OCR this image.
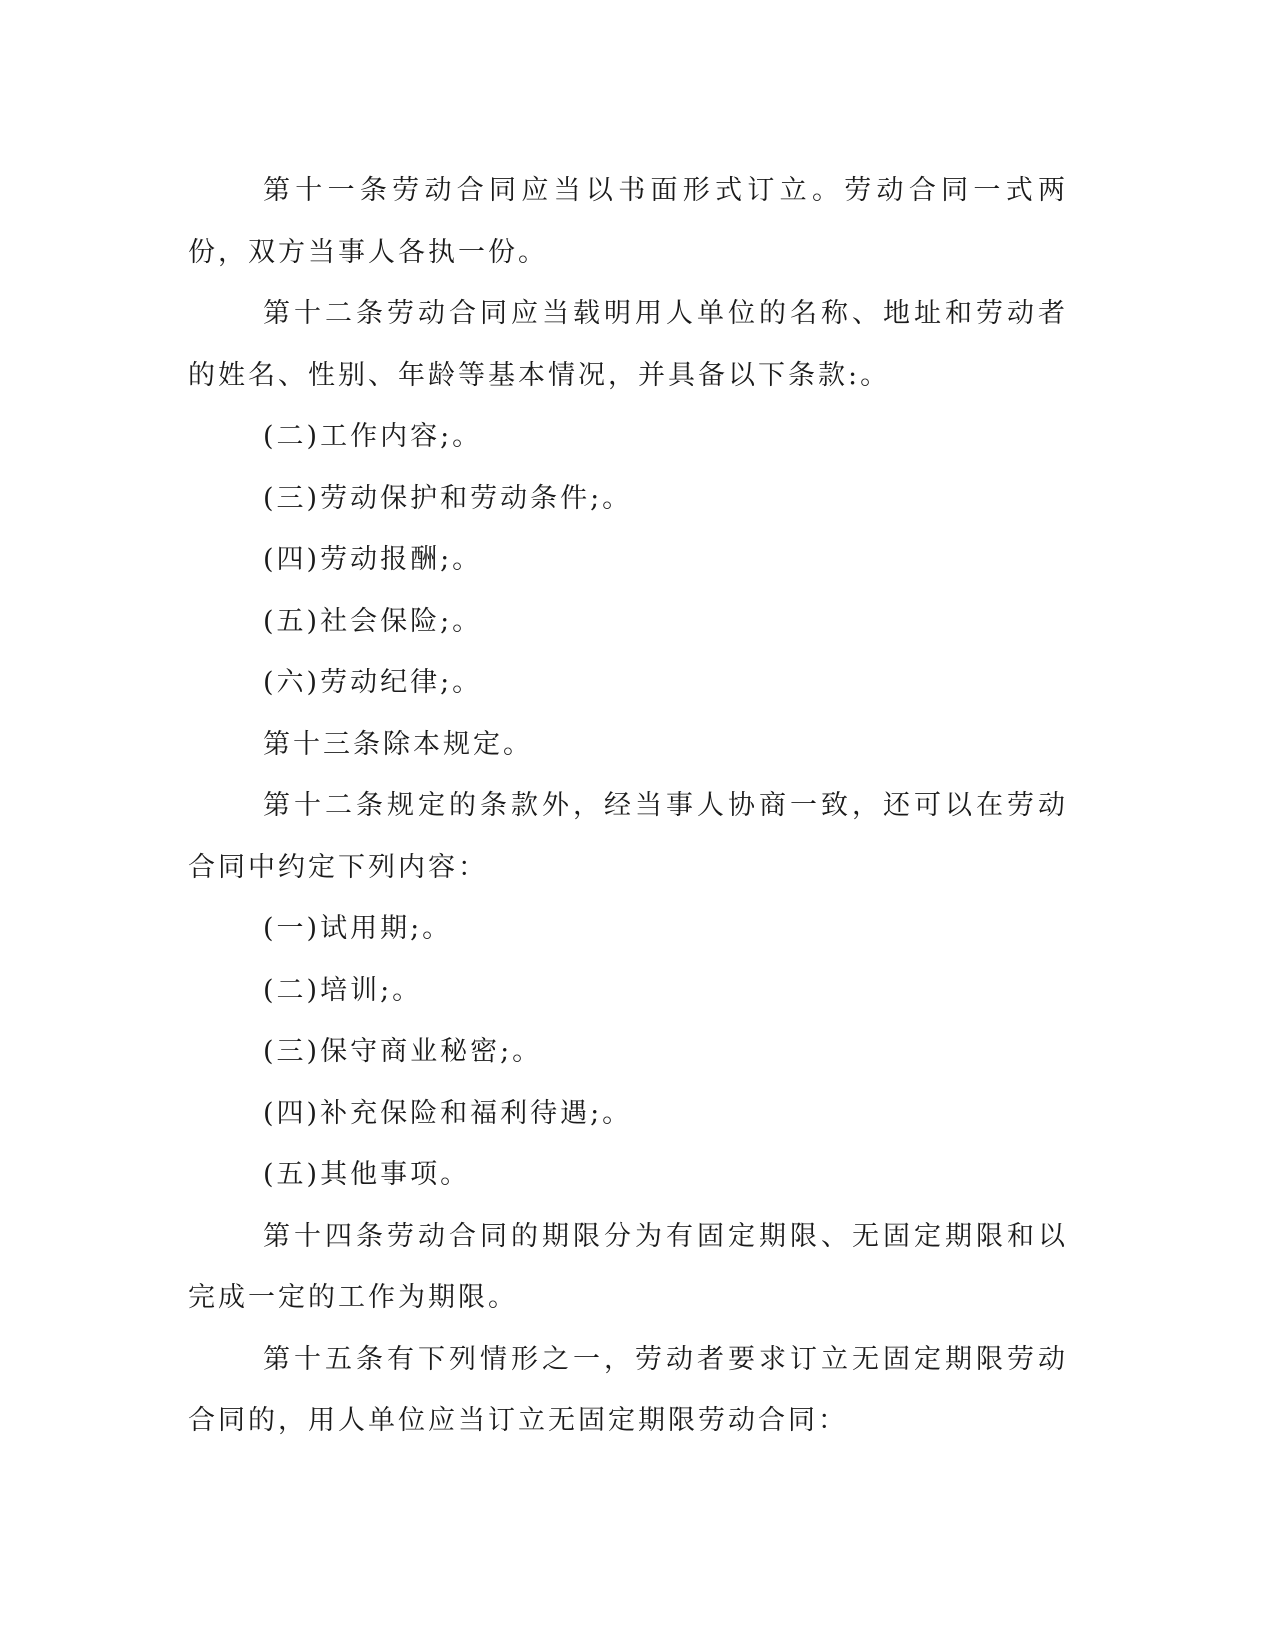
第十一条劳动合同应当以书面形式订立。劳动合同一式两份，双方当事人各执一份。

第十二条劳动合同应当载明用人单位的名称、地址和劳动者的姓名、性别、年龄等基本情况，并具备以下条款:。

(二)工作内容;。

(三)劳动保护和劳动条件;。

(四)劳动报酬;。

(五)社会保险;。

(六)劳动纪律;。

第十三条除本规定。

第十二条规定的条款外，经当事人协商一致，还可以在劳动合同中约定下列内容：

(一)试用期;。

(二)培训;。

(三)保守商业秘密;。

(四)补充保险和福利待遇;。

(五)其他事项。

第十四条劳动合同的期限分为有固定期限、无固定期限和以完成一定的工作为期限。

第十五条有下列情形之一，劳动者要求订立无固定期限劳动合同的，用人单位应当订立无固定期限劳动合同：
